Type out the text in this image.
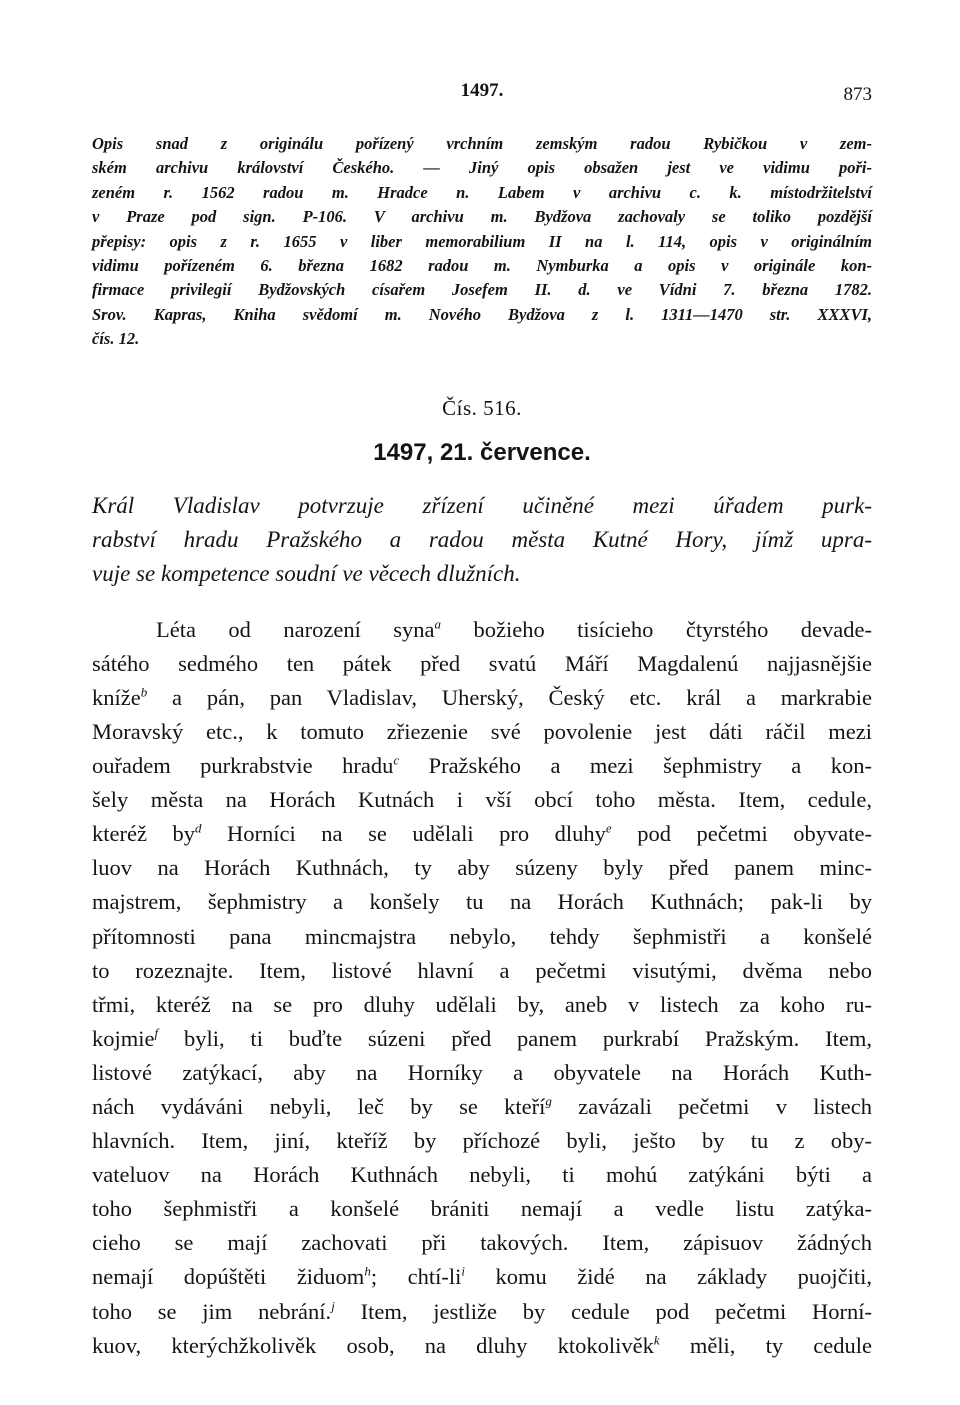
1497.	873
Opis snad z originálu pořízený vrchním zemským radou Rybičkou v zem-
ském archivu království Českého. — Jiný opis obsažen jest ve vidimu poři-
zeném r. 1562 radou m. Hradce n. Labem v archivu c. k. místodržitelství
v Praze pod sign. P-106. V archivu m. Bydžova zachovaly se toliko pozdější
přepisy: opis z r. 1655 v liber memorabilium II na l. 114, opis v originálním
vidimu pořízeném 6. března 1682 radou m. Nymburka a opis v originále kon-
firmace privilegií Bydžovských císařem Josefem II. d. ve Vídni 7. března 1782.
Srov. Kapras, Kniha svědomí m. Nového Bydžova z l. 1311—1470 str. XXXVI,
čís. 12.
Čís. 516.
1497, 21. července.
Král Vladislav potvrzuje zřízení učiněné mezi úřadem purk-
rabství hradu Pražského a radou města Kutné Hory, jímž upra-
vuje se kompetence soudní ve věcech dlužních.
Léta od narození syna$^a$ božieho tisícieho čtyrstého devade-
sátého sedmého ten pátek před svatú Máří Magdalenú najjasnějšie
kníže$^b$ a pán, pan Vladislav, Uherský, Český etc. král a markrabie
Moravský etc., k tomuto zřiezenie své povolenie jest dáti ráčil mezi
ouřadem purkrabstvie hradu$^c$ Pražského a mezi šephmistry a kon-
šely města na Horách Kutnách i vší obcí toho města. Item, cedule,
kteréž by$^d$ Horníci na se udělali pro dluhy$^e$ pod pečetmi obyvate-
luov na Horách Kuthnách, ty aby súzeny byly před panem minc-
majstrem, šephmistry a konšely tu na Horách Kuthnách; pak-li by
přítomnosti pana mincmajstra nebylo, tehdy šephmistři a konšelé
to rozeznajte. Item, listové hlavní a pečetmi visutými, dvěma nebo
třmi, kteréž na se pro dluhy udělali by, aneb v listech za koho ru-
kojmie$^f$ byli, ti buďte súzeni před panem purkrabí Pražským. Item,
listové zatýkací, aby na Horníky a obyvatele na Horách Kuth-
nách vydáváni nebyli, leč by se kteří$^g$ zavázali pečetmi v listech
hlavních. Item, jiní, kteříž by příchozé byli, ješto by tu z oby-
vateluov na Horách Kuthnách nebyli, ti mohú zatýkáni býti a
toho šephmistři a konšelé brániti nemají a vedle listu zatýka-
cieho se mají zachovati při takových. Item, zápisuov žádných
nemají dopúštěti židuom$^h$; chtí-li$^i$ komu židé na základy puojčiti,
toho se jim nebrání.$^j$ Item, jestliže by cedule pod pečetmi Horní-
kuov, kterýchžkolivěk osob, na dluhy ktokolivěk$^k$ měli, ty cedule
